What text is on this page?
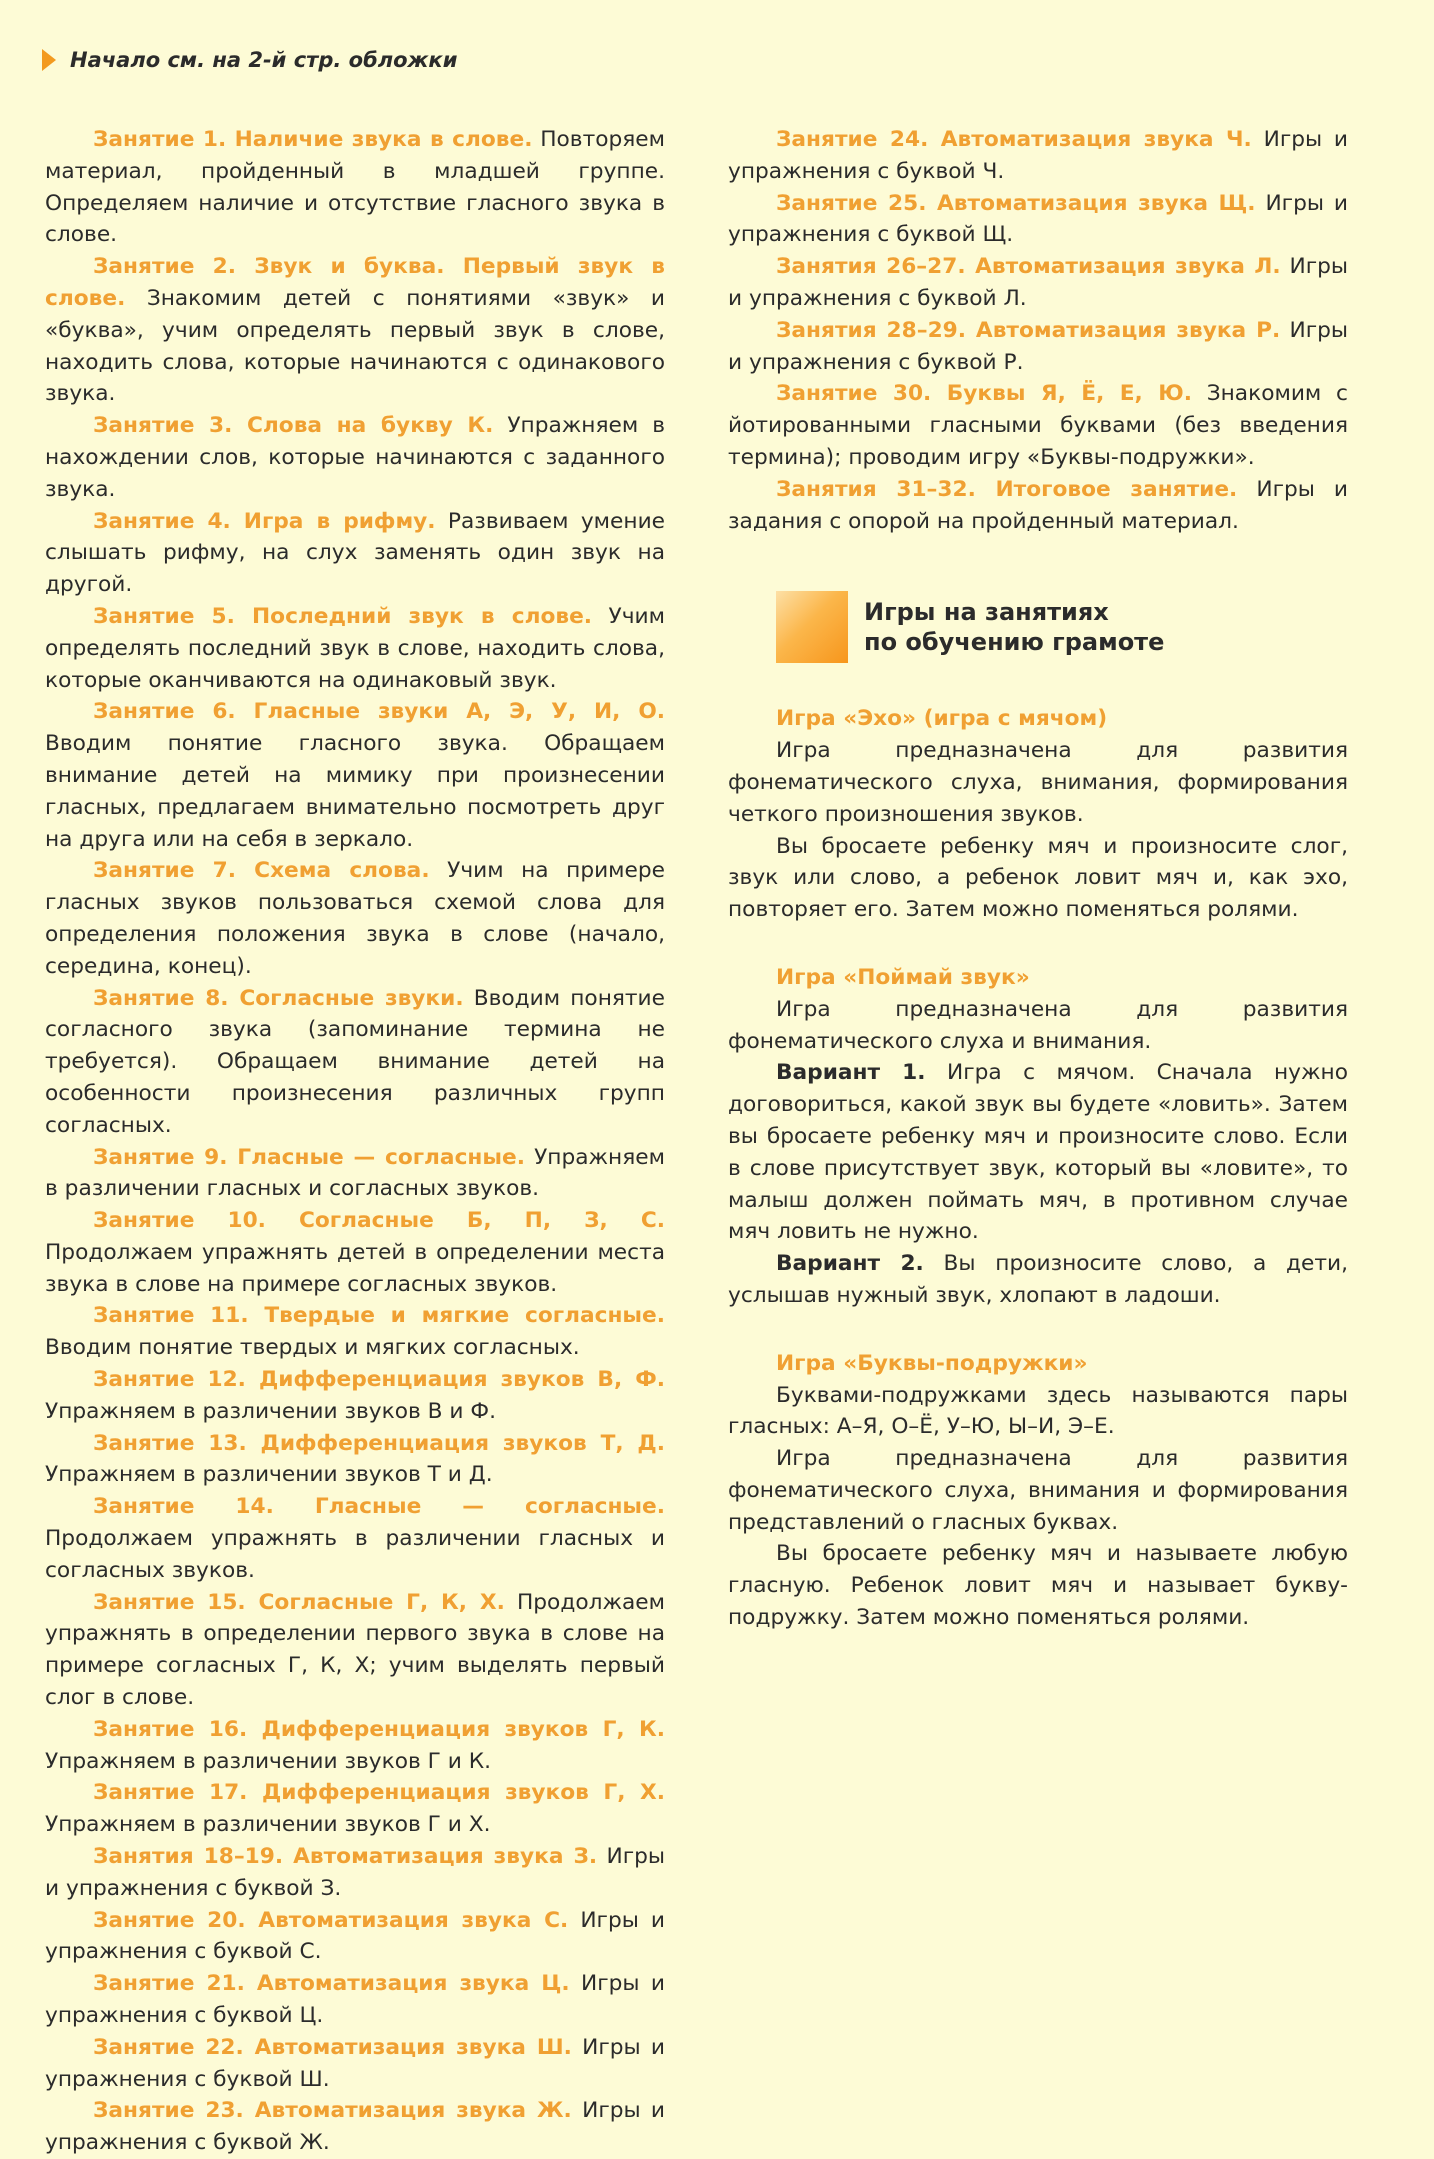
Начало см. на 2-й стр. обложки

Занятие 1. Наличие звука в слове. Повторяем материал, пройденный в младшей группе. Определяем наличие и отсутствие гласного звука в слове.

Занятие 2. Звук и буква. Первый звук в слове. Знакомим детей с понятиями «звук» и «буква», учим определять первый звук в слове, находить слова, которые начинаются с одинакового звука.

Занятие 3. Слова на букву К. Упражняем в нахождении слов, которые начинаются с заданного звука.

Занятие 4. Игра в рифму. Развиваем умение слышать рифму, на слух заменять один звук на другой.

Занятие 5. Последний звук в слове. Учим определять последний звук в слове, находить слова, которые оканчиваются на одинаковый звук.

Занятие 6. Гласные звуки А, Э, У, И, О. Вводим понятие гласного звука. Обращаем внимание детей на мимику при произнесении гласных, предлагаем внимательно посмотреть друг на друга или на себя в зеркало.

Занятие 7. Схема слова. Учим на примере гласных звуков пользоваться схемой слова для определения положения звука в слове (начало, середина, конец).

Занятие 8. Согласные звуки. Вводим понятие согласного звука (запоминание термина не требуется). Обращаем внимание детей на особенности произнесения различных групп согласных.

Занятие 9. Гласные — согласные. Упражняем в различении гласных и согласных звуков.

Занятие 10. Согласные Б, П, З, С. Продолжаем упражнять детей в определении места звука в слове на примере согласных звуков.

Занятие 11. Твердые и мягкие согласные. Вводим понятие твердых и мягких согласных.

Занятие 12. Дифференциация звуков В, Ф. Упражняем в различении звуков В и Ф.

Занятие 13. Дифференциация звуков Т, Д. Упражняем в различении звуков Т и Д.

Занятие 14. Гласные — согласные. Продолжаем упражнять в различении гласных и согласных звуков.

Занятие 15. Согласные Г, К, Х. Продолжаем упражнять в определении первого звука в слове на примере согласных Г, К, Х; учим выделять первый слог в слове.

Занятие 16. Дифференциация звуков Г, К. Упражняем в различении звуков Г и К.

Занятие 17. Дифференциация звуков Г, Х. Упражняем в различении звуков Г и Х.

Занятия 18–19. Автоматизация звука З. Игры и упражнения с буквой З.

Занятие 20. Автоматизация звука С. Игры и упражнения с буквой С.

Занятие 21. Автоматизация звука Ц. Игры и упражнения с буквой Ц.

Занятие 22. Автоматизация звука Ш. Игры и упражнения с буквой Ш.

Занятие 23. Автоматизация звука Ж. Игры и упражнения с буквой Ж.

Занятие 24. Автоматизация звука Ч. Игры и упражнения с буквой Ч.

Занятие 25. Автоматизация звука Щ. Игры и упражнения с буквой Щ.

Занятия 26–27. Автоматизация звука Л. Игры и упражнения с буквой Л.

Занятия 28–29. Автоматизация звука Р. Игры и упражнения с буквой Р.

Занятие 30. Буквы Я, Ё, Е, Ю. Знакомим с йотированными гласными буквами (без введения термина); проводим игру «Буквы-подружки».

Занятия 31–32. Итоговое занятие. Игры и задания с опорой на пройденный материал.

Игры на занятиях
по обучению грамоте

Игра «Эхо» (игра с мячом)

Игра предназначена для развития фонематического слуха, внимания, формирования четкого произношения звуков.

Вы бросаете ребенку мяч и произносите слог, звук или слово, а ребенок ловит мяч и, как эхо, повторяет его. Затем можно поменяться ролями.

Игра «Поймай звук»

Игра предназначена для развития фонематического слуха и внимания.

Вариант 1. Игра с мячом. Сначала нужно договориться, какой звук вы будете «ловить». Затем вы бросаете ребенку мяч и произносите слово. Если в слове присутствует звук, который вы «ловите», то малыш должен поймать мяч, в противном случае мяч ловить не нужно.

Вариант 2. Вы произносите слово, а дети, услышав нужный звук, хлопают в ладоши.

Игра «Буквы-подружки»

Буквами-подружками здесь называются пары гласных: А–Я, О–Ё, У–Ю, Ы–И, Э–Е.

Игра предназначена для развития фонематического слуха, внимания и формирования представлений о гласных буквах.

Вы бросаете ребенку мяч и называете любую гласную. Ребенок ловит мяч и называет букву-подружку. Затем можно поменяться ролями.
